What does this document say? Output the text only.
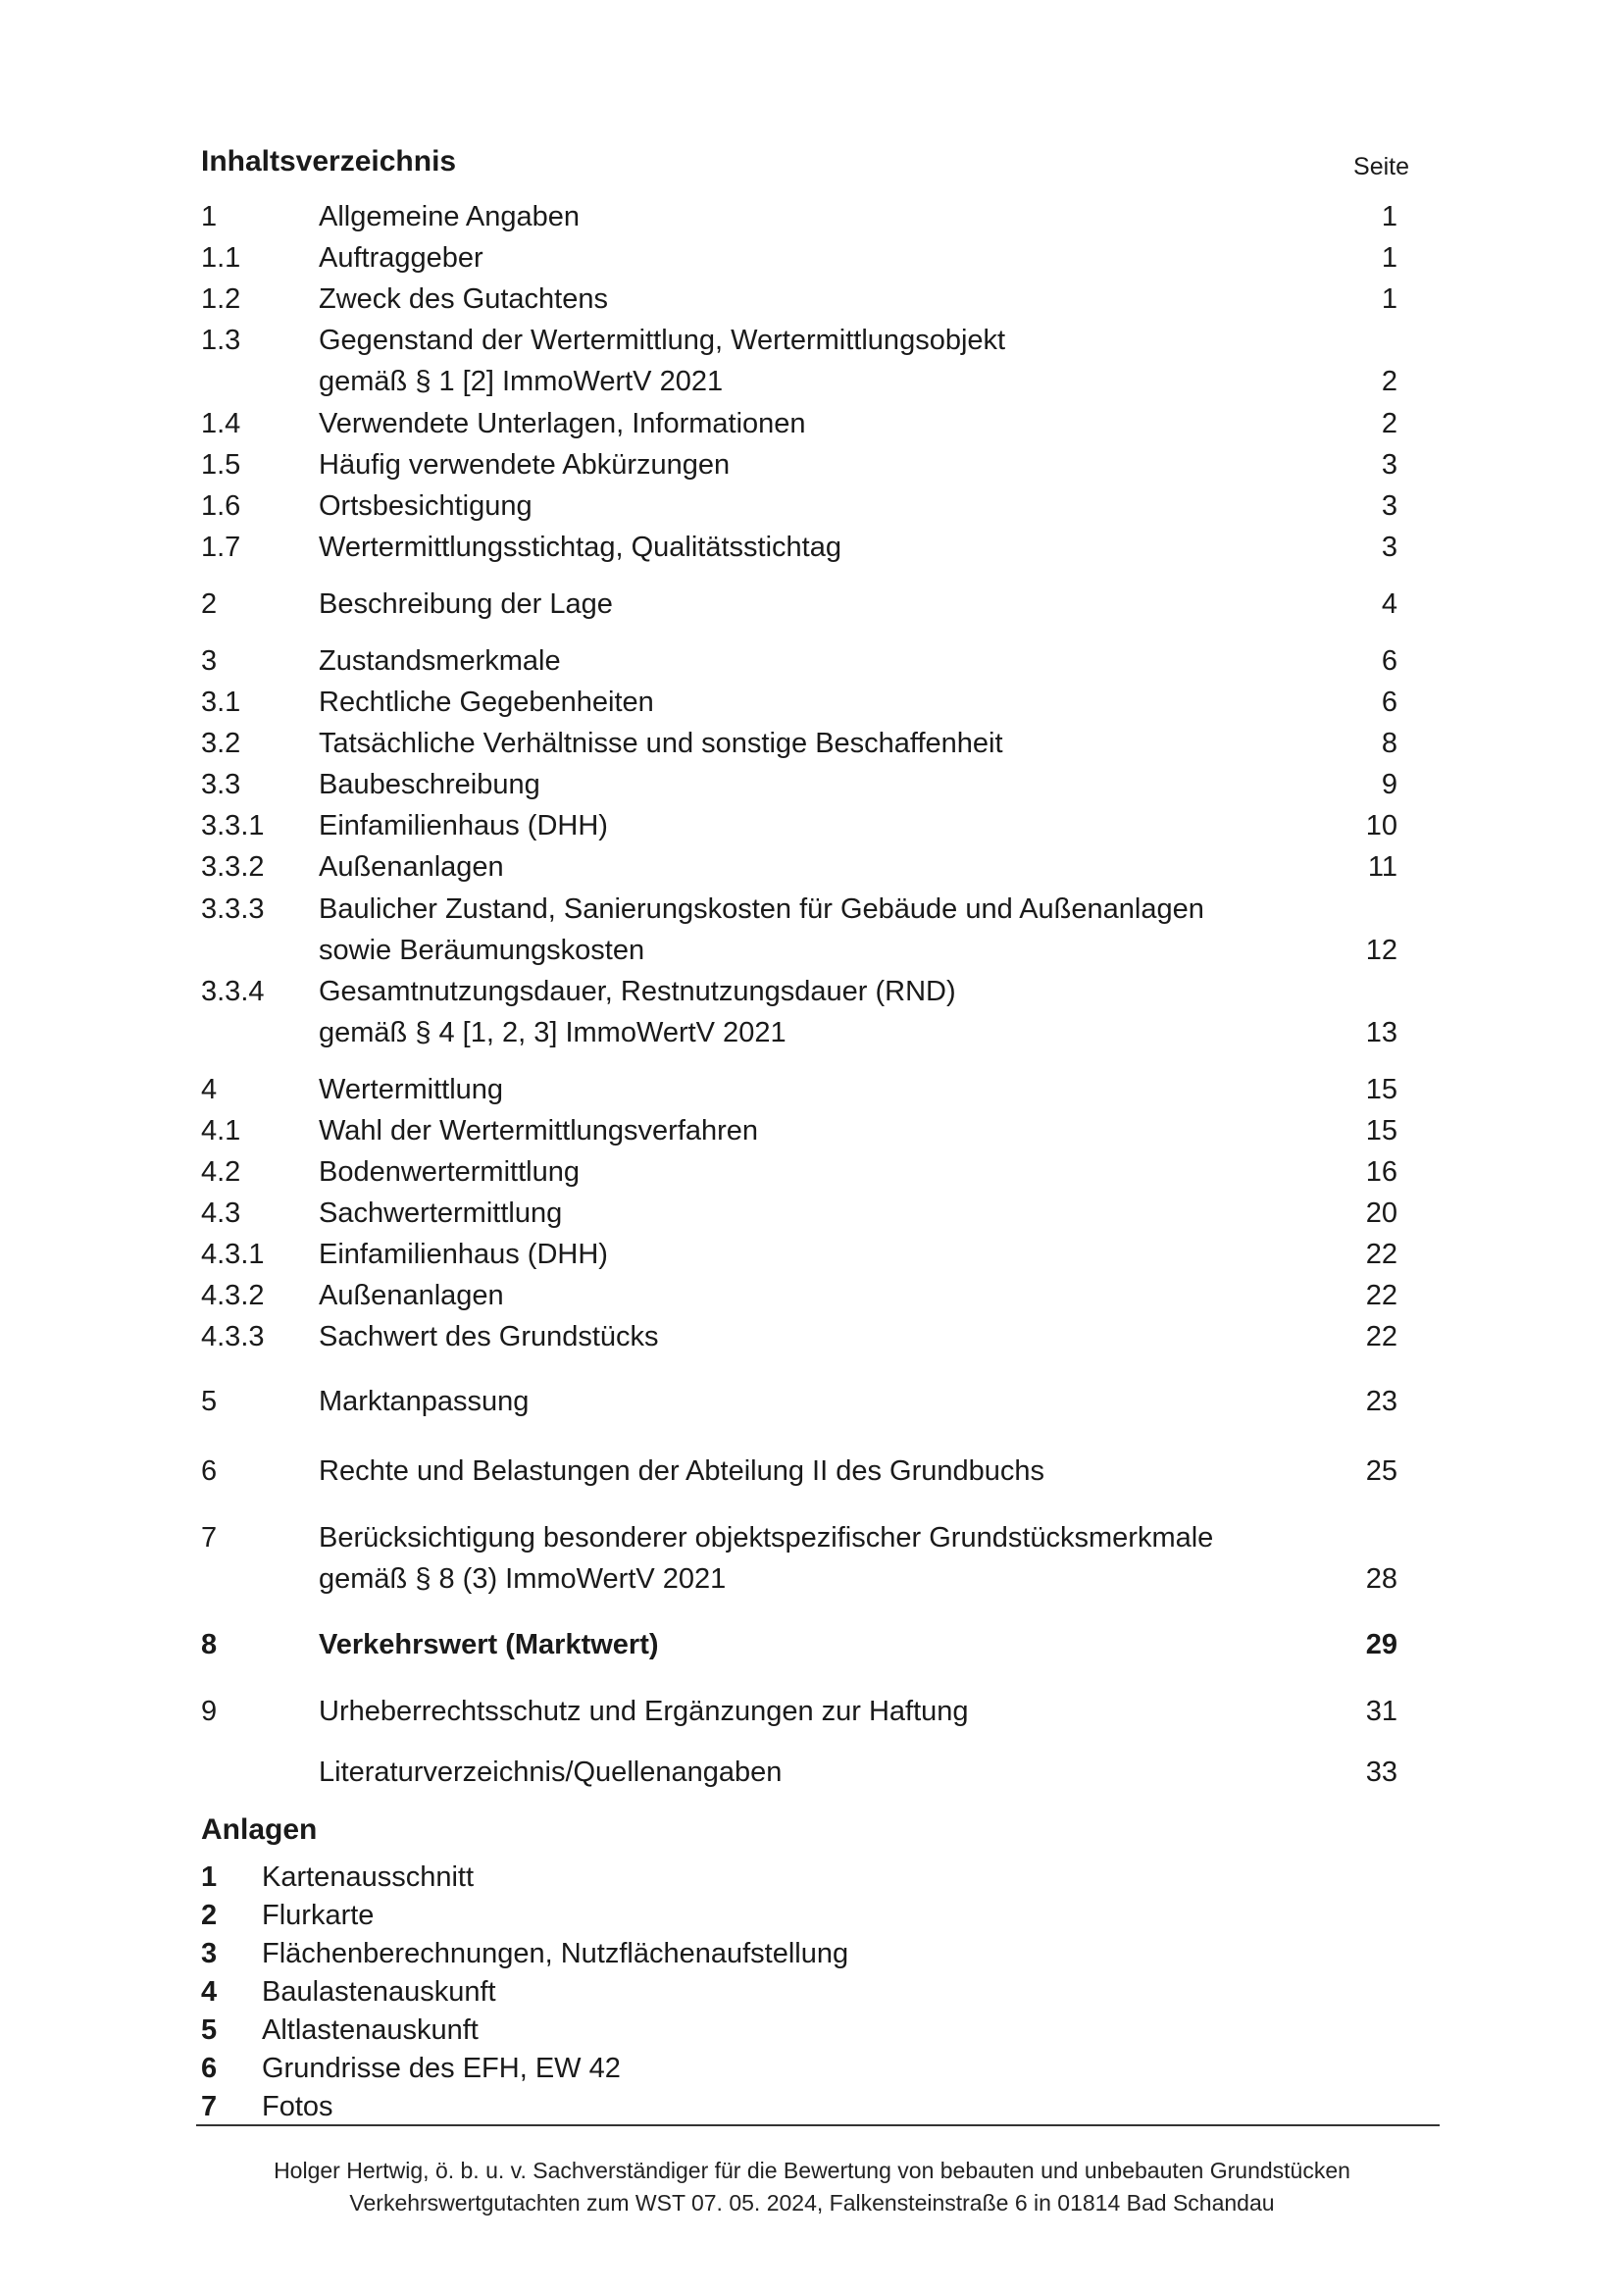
Inhaltsverzeichnis	Seite
1	Allgemeine Angaben	1
1.1	Auftraggeber	1
1.2	Zweck des Gutachtens	1
1.3	Gegenstand der Wertermittlung, Wertermittlungsobjekt
gemäß § 1 [2] ImmoWertV 2021	2
1.4	Verwendete Unterlagen, Informationen	2
1.5	Häufig verwendete Abkürzungen	3
1.6	Ortsbesichtigung	3
1.7	Wertermittlungsstichtag, Qualitätsstichtag	3
2	Beschreibung der Lage	4
3	Zustandsmerkmale	6
3.1	Rechtliche Gegebenheiten	6
3.2	Tatsächliche Verhältnisse und sonstige Beschaffenheit	8
3.3	Baubeschreibung	9
3.3.1 Einfamilienhaus (DHH)	10
3.3.2 Außenanlagen	11
3.3.3 Baulicher Zustand, Sanierungskosten für Gebäude und Außenanlagen
sowie Beräumungskosten	12
3.3.4 Gesamtnutzungsdauer, Restnutzungsdauer (RND)
gemäß § 4 [1, 2, 3] ImmoWertV 2021	13
4	Wertermittlung	15
4.1	Wahl der Wertermittlungsverfahren	15
4.2	Bodenwertermittlung	16
4.3	Sachwertermittlung	20
4.3.1 Einfamilienhaus (DHH)	22
4.3.2 Außenanlagen	22
4.3.3 Sachwert des Grundstücks	22
5	Marktanpassung	23
6	Rechte und Belastungen der Abteilung II des Grundbuchs	25
7	Berücksichtigung besonderer objektspezifischer Grundstücksmerkmale
gemäß § 8 (3) ImmoWertV 2021	28
8	Verkehrswert (Marktwert)	29
9	Urheberrechtsschutz und Ergänzungen zur Haftung	31
Literaturverzeichnis/Quellenangaben	33
Anlagen
1 Kartenausschnitt
2 Flurkarte
3 Flächenberechnungen, Nutzflächenaufstellung
4 Baulastenauskunft
5 Altlastenauskunft
6 Grundrisse des EFH, EW 42
7 Fotos
Holger Hertwig, ö. b. u. v. Sachverständiger für die Bewertung von bebauten und unbebauten Grundstücken
Verkehrswertgutachten zum WST 07. 05. 2024, Falkensteinstraße 6 in 01814 Bad Schandau
